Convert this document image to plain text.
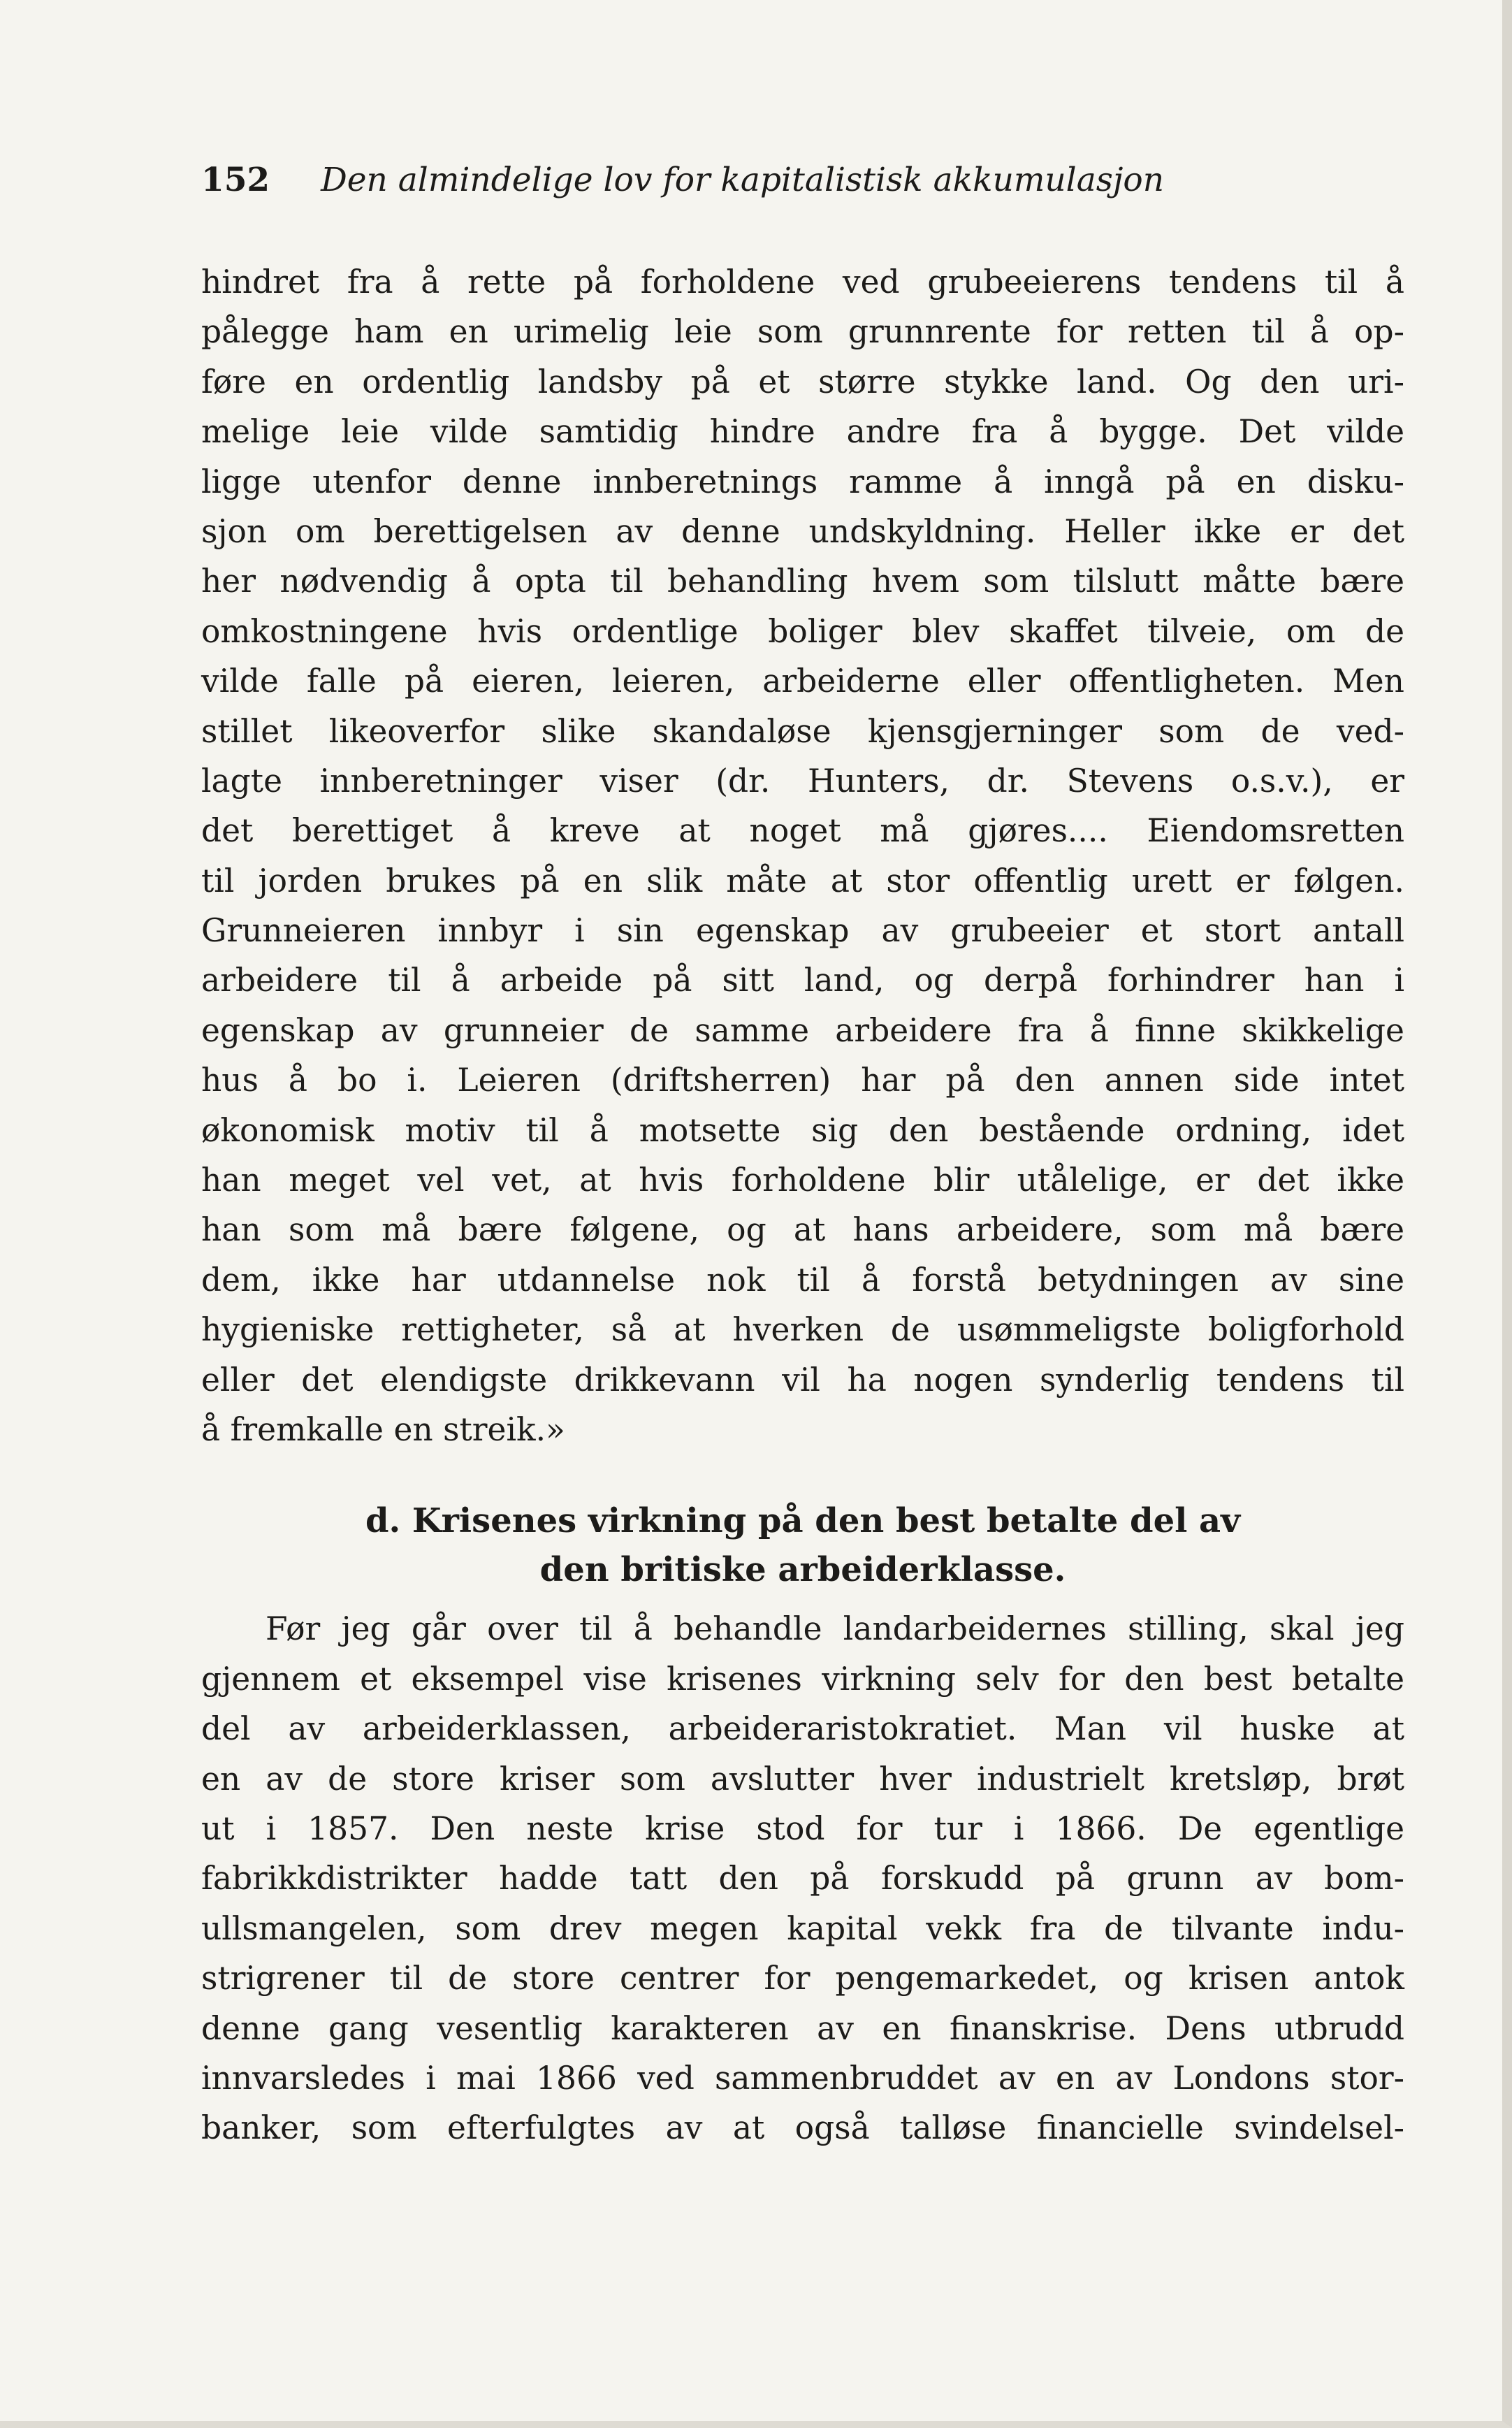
152 Den almindelige lov for kapitalistisk akkumulasjon
hindret fra å rette på forholdene ved grubeeierens tendens til å
pålegge ham en urimelig leie som grunnrente for retten til å op-
føre en ordentlig landsby på et større stykke land. Og den uri-
melige leie vilde samtidig hindre andre fra å bygge. Det vilde
ligge utenfor denne innberetnings ramme å inngå på en disku-
sjon om berettigelsen av denne undskyldning. Heller ikke er det
her nødvendig å opta til behandling hvem som tilslutt måtte bære
omkostningene hvis ordentlige boliger blev skaffet tilveie, om de
vilde falle på eieren, leieren, arbeiderne eller offentligheten. Men
stillet likeoverfor slike skandaløse kjensgjerninger som de ved-
lagte innberetninger viser (dr. Hunters, dr. Stevens o.s.v.), er
det berettiget å kreve at noget må gjøres.... Eiendomsretten
til jorden brukes på en slik måte at stor offentlig urett er følgen.
Grunneieren innbyr i sin egenskap av grubeeier et stort antall
arbeidere til å arbeide på sitt land, og derpå forhindrer han i
egenskap av grunneier de samme arbeidere fra å finne skikkelige
hus å bo i. Leieren (driftsherren) har på den annen side intet
økonomisk motiv til å motsette sig den bestående ordning, idet
han meget vel vet, at hvis forholdene blir utålelige, er det ikke
han som må bære følgene, og at hans arbeidere, som må bære
dem, ikke har utdannelse nok til å forstå betydningen av sine
hygieniske rettigheter, så at hverken de usømmeligste boligforhold
eller det elendigste drikkevann vil ha nogen synderlig tendens til
å fremkalle en streik.»
d. Krisenes virkning på den best betalte del av
den britiske arbeiderklasse.
Før jeg går over til å behandle landarbeidernes stilling, skal jeg
gjennem et eksempel vise krisenes virkning selv for den best betalte
del av arbeiderklassen, arbeideraristokratiet. Man vil huske at
en av de store kriser som avslutter hver industrielt kretsløp, brøt
ut i 1857. Den neste krise stod for tur i 1866. De egentlige
fabrikkdistrikter hadde tatt den på forskudd på grunn av bom-
ullsmangelen, som drev megen kapital vekk fra de tilvante indu-
strigrener til de store centrer for pengemarkedet, og krisen antok
denne gang vesentlig karakteren av en finanskrise. Dens utbrudd
innvarsledes i mai 1866 ved sammenbruddet av en av Londons stor-
banker, som efterfulgtes av at også talløse financielle svindelsel-
